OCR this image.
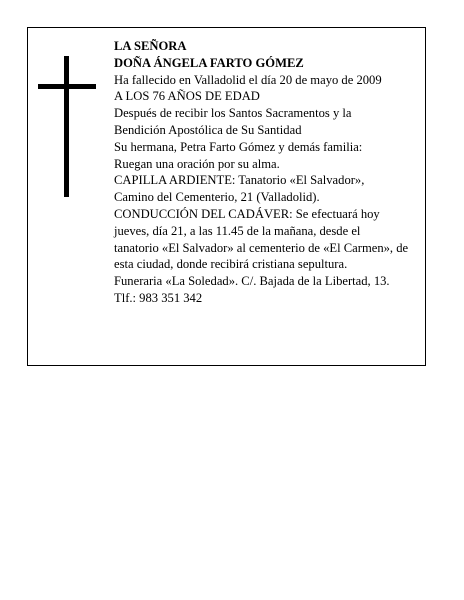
LA SEÑORA
DOÑA ÁNGELA FARTO GÓMEZ
Ha fallecido en Valladolid el día 20 de mayo de 2009
A LOS 76 AÑOS DE EDAD
Después de recibir los Santos Sacramentos y la
Bendición Apostólica de Su Santidad
Su hermana, Petra Farto Gómez y demás familia:
Ruegan una oración por su alma.
CAPILLA ARDIENTE: Tanatorio «El Salvador»,
Camino del Cementerio, 21 (Valladolid).
CONDUCCIÓN DEL CADÁVER: Se efectuará hoy
jueves, día 21, a las 11.45 de la mañana, desde el
tanatorio «El Salvador» al cementerio de «El Carmen», de
esta ciudad, donde recibirá cristiana sepultura.
Funeraria «La Soledad». C/. Bajada de la Libertad, 13.
Tlf.: 983 351 342
